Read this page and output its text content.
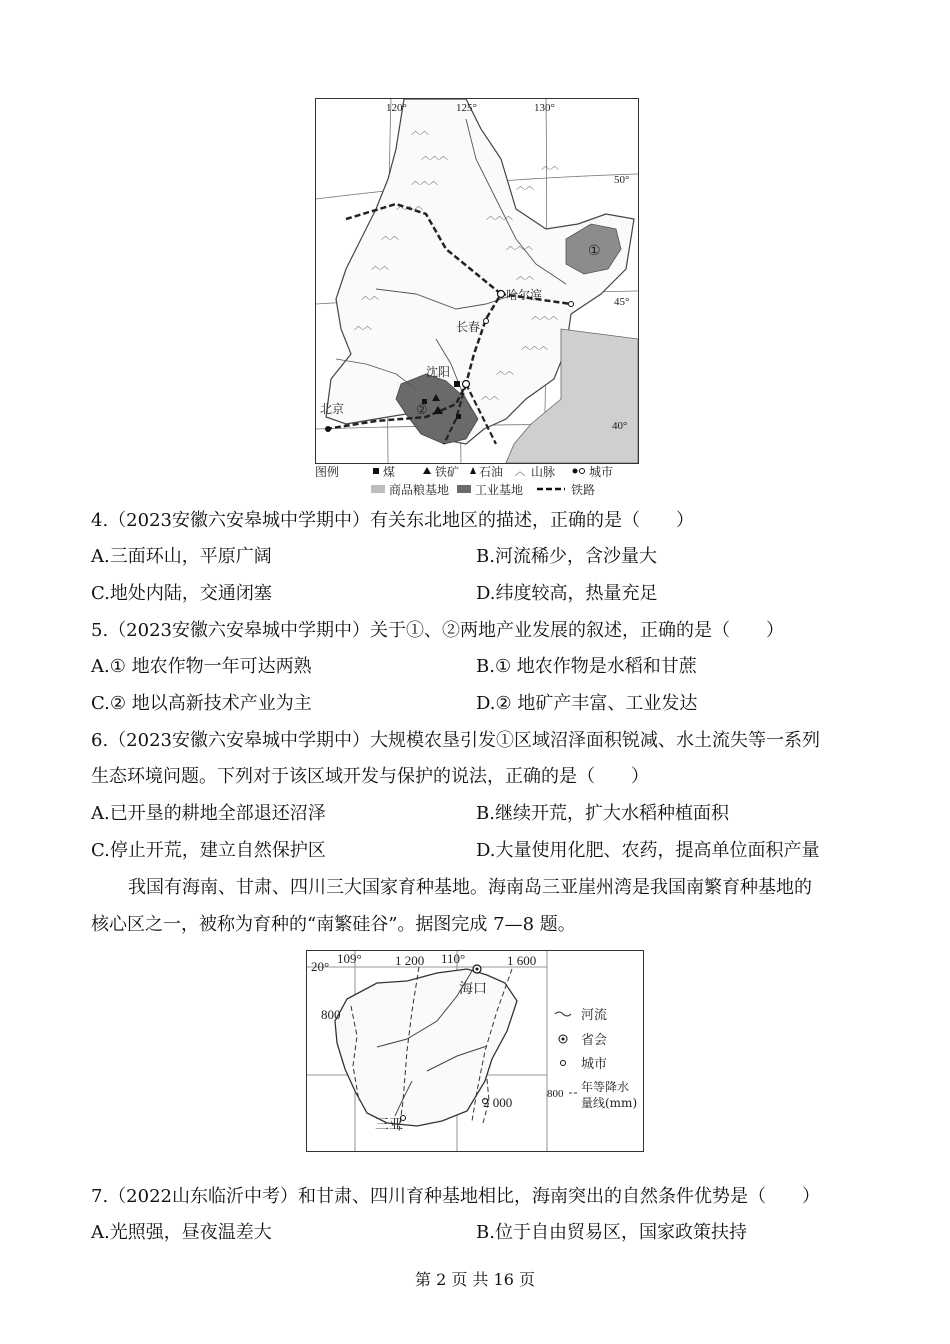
︿︿
︿︿︿
︿︿︿
︿︿︿
︿︿
︿︿
︿︿
︿︿
︿︿︿
︿︿︿
︿︿
︿︿︿
︿︿︿
︿︿
︿︿
︿︿
︿︿
120°	125°	130°
50°
45°
40°
哈尔滨
长春
沈阳
北京
①
②
图例	煤	铁矿 石油 ︿ 山脉	城市
商品粮基地 工业基地	铁路
4.（2023安徽六安皋城中学期中）有关东北地区的描述，正确的是（　　）
A.三面环山，平原广阔	B.河流稀少，含沙量大
C.地处内陆，交通闭塞	D.纬度较高，热量充足
5.（2023安徽六安皋城中学期中）关于①、②两地产业发展的叙述，正确的是（　　）
A.① 地农作物一年可达两熟	B.① 地农作物是水稻和甘蔗
C.② 地以高新技术产业为主	D.② 地矿产丰富、工业发达
6.（2023安徽六安皋城中学期中）大规模农垦引发①区域沼泽面积锐减、水土流失等一系列
生态环境问题。下列对于该区域开发与保护的说法，正确的是（　　）
A.已开垦的耕地全部退还沼泽	B.继续开荒，扩大水稻种植面积
C.停止开荒，建立自然保护区	D.大量使用化肥、农药，提高单位面积产量
我国有海南、甘肃、四川三大国家育种基地。海南岛三亚崖州湾是我国南繁育种基地的
核心区之一，被称为育种的“南繁硅谷”。据图完成 7—8 题。
20°
109°	110°
1 200	1 600
800
2 000
海口
三亚
河流
省会
城市
800 年等降水量线(mm)
7.（2022山东临沂中考）和甘肃、四川育种基地相比，海南突出的自然条件优势是（　　）
A.光照强，昼夜温差大	B.位于自由贸易区，国家政策扶持
第 2 页 共 16 页
